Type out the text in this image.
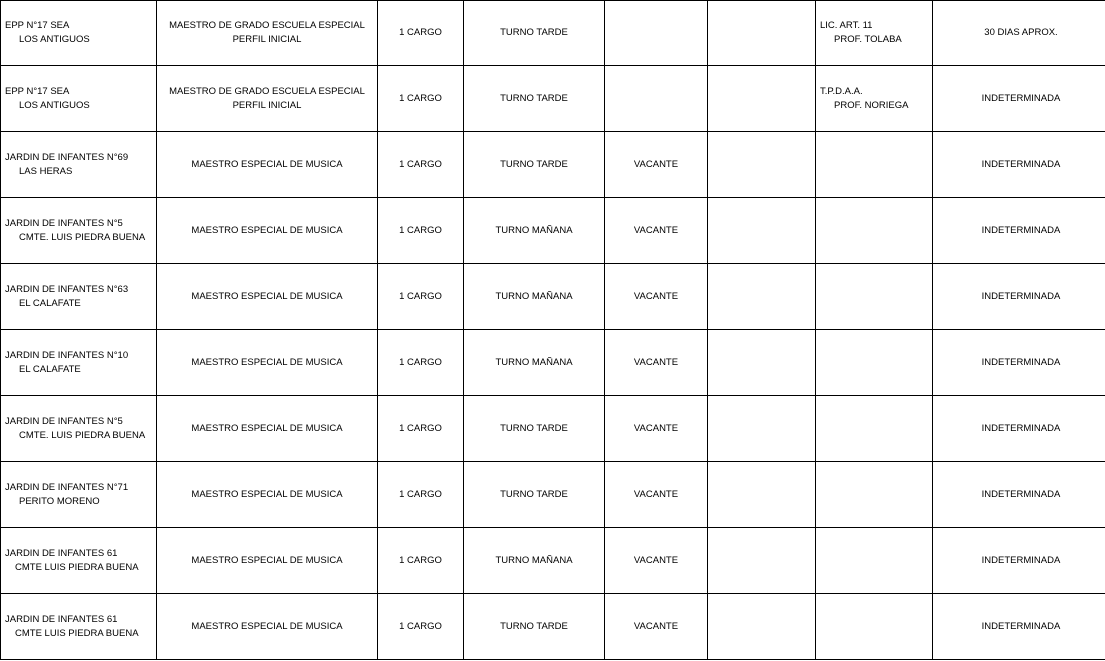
EPP N°17 SEA
LOS ANTIGUOS	MAESTRO DE GRADO ESCUELA ESPECIAL
PERFIL INICIAL	1 CARGO	TURNO TARDE			LIC. ART. 11
PROF. TOLABA	30 DIAS APROX.

EPP N°17 SEA
LOS ANTIGUOS	MAESTRO DE GRADO ESCUELA ESPECIAL
PERFIL INICIAL	1 CARGO	TURNO TARDE			T.P.D.A.A.
PROF. NORIEGA	INDETERMINADA

JARDIN DE INFANTES N°69
LAS HERAS	MAESTRO ESPECIAL DE MUSICA	1 CARGO	TURNO TARDE	VACANTE			INDETERMINADA

JARDIN DE INFANTES N°5
CMTE. LUIS PIEDRA BUENA	MAESTRO ESPECIAL DE MUSICA	1 CARGO	TURNO MAÑANA	VACANTE			INDETERMINADA

JARDIN DE INFANTES N°63
EL CALAFATE	MAESTRO ESPECIAL DE MUSICA	1 CARGO	TURNO MAÑANA	VACANTE			INDETERMINADA

JARDIN DE INFANTES N°10
EL CALAFATE	MAESTRO ESPECIAL DE MUSICA	1 CARGO	TURNO MAÑANA	VACANTE			INDETERMINADA

JARDIN DE INFANTES N°5
CMTE. LUIS PIEDRA BUENA	MAESTRO ESPECIAL DE MUSICA	1 CARGO	TURNO TARDE	VACANTE			INDETERMINADA

JARDIN DE INFANTES N°71
PERITO MORENO	MAESTRO ESPECIAL DE MUSICA	1 CARGO	TURNO TARDE	VACANTE			INDETERMINADA

JARDIN DE INFANTES 61
CMTE LUIS PIEDRA BUENA	MAESTRO ESPECIAL DE MUSICA	1 CARGO	TURNO MAÑANA	VACANTE			INDETERMINADA

JARDIN DE INFANTES 61
CMTE LUIS PIEDRA BUENA	MAESTRO ESPECIAL DE MUSICA	1 CARGO	TURNO TARDE	VACANTE			INDETERMINADA
